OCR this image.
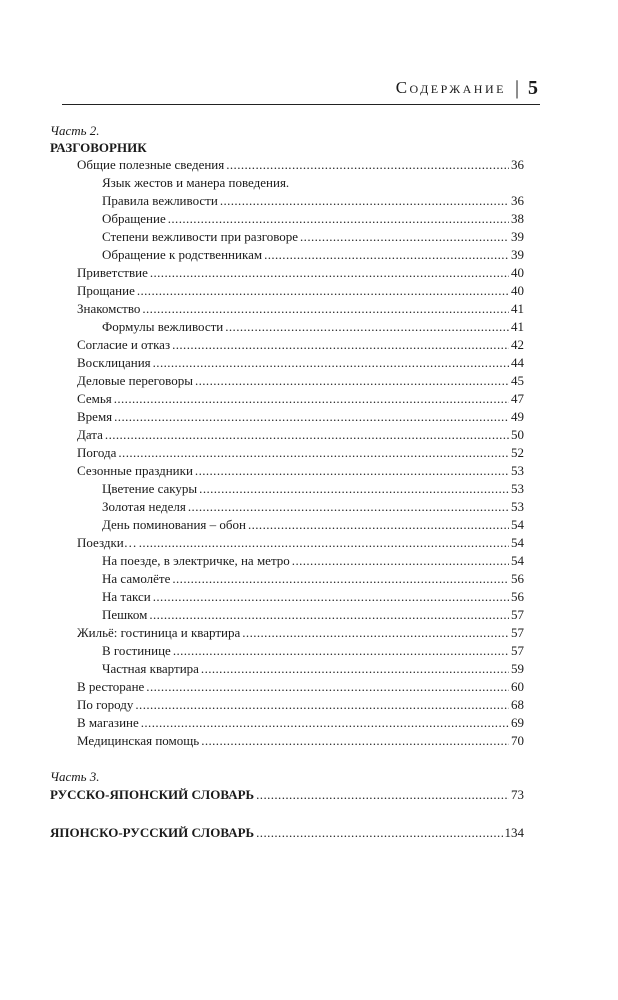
Содержание | 5
Часть 2.
РАЗГОВОРНИК
Общие полезные сведения .....	36
Язык жестов и манера поведения.
Правила вежливости .....	36
Обращение .....	38
Степени вежливости при разговоре .....	39
Обращение к родственникам .....	39
Приветствие .....	40
Прощание .....	40
Знакомство .....	41
Формулы вежливости .....	41
Согласие и отказ .....	42
Восклицания .....	44
Деловые переговоры .....	45
Семья .....	47
Время .....	49
Дата .....	50
Погода .....	52
Сезонные праздники .....	53
Цветение сакуры .....	53
Золотая неделя .....	53
День поминования – обон .....	54
Поездки… .....	54
На поезде, в электричке, на метро .....	54
На самолёте .....	56
На такси .....	56
Пешком .....	57
Жильё: гостиница и квартира .....	57
В гостинице .....	57
Частная квартира .....	59
В ресторане .....	60
По городу .....	68
В магазине .....	69
Медицинская помощь .....	70
Часть 3.
РУССКО-ЯПОНСКИЙ СЛОВАРЬ .....	73
ЯПОНСКО-РУССКИЙ СЛОВАРЬ .....	134
